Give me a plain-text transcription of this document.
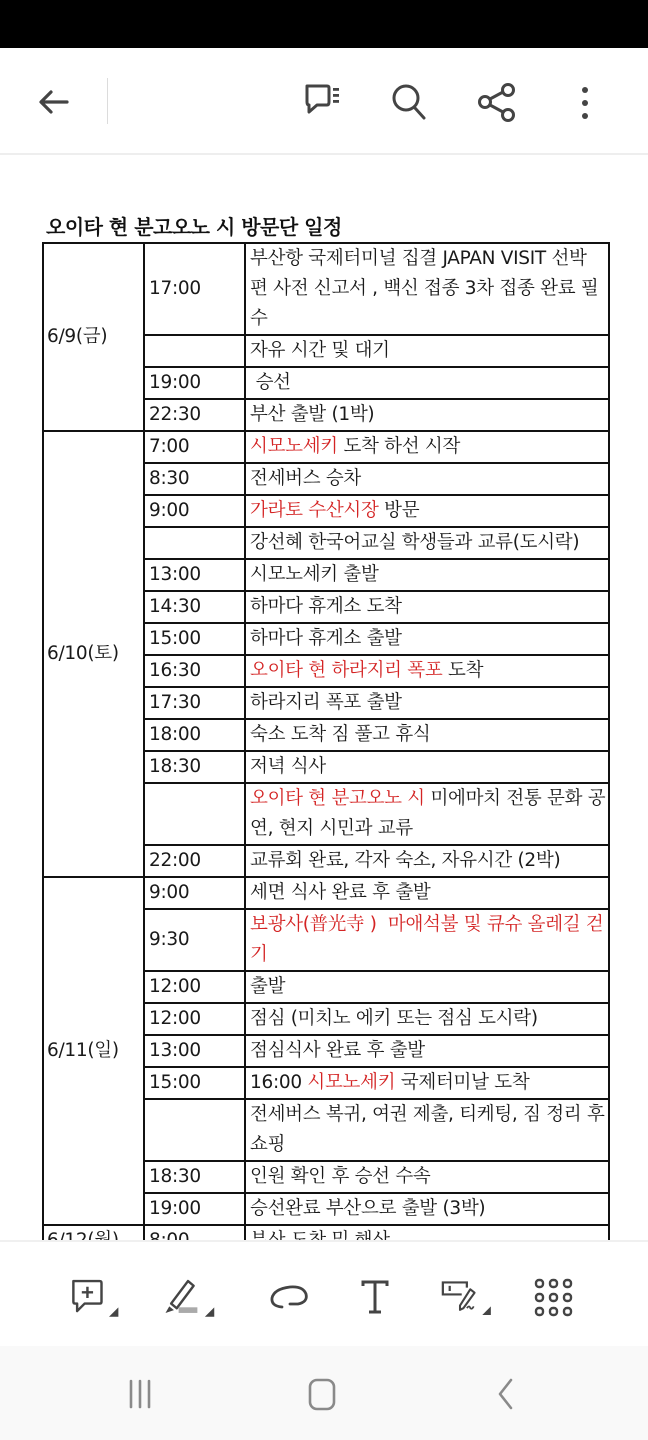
오이타 현 분고오노 시 방문단 일정
6/9(금)	17:00	부산항 국제터미널 집결 JAPAN VISIT 선박 편 사전 신고서 , 백신 접종 3차 접종 완료 필수
		자유 시간 및 대기
	19:00	승선
	22:30	부산 출발 (1박)
6/10(토)	7:00	시모노세키 도착 하선 시작
	8:30	전세버스 승차
	9:00	가라토 수산시장 방문
		강선혜 한국어교실 학생들과 교류(도시락)
	13:00	시모노세키 출발
	14:30	하마다 휴게소 도착
	15:00	하마다 휴게소 출발
	16:30	오이타 현 하라지리 폭포 도착
	17:30	하라지리 폭포 출발
	18:00	숙소 도착 짐 풀고 휴식
	18:30	저녁 식사
		오이타 현 분고오노 시 미에마치 전통 문화 공연, 현지 시민과 교류
	22:00	교류회 완료, 각자 숙소, 자유시간 (2박)
6/11(일)	9:00	세면 식사 완료 후 출발
	9:30	보광사(普光寺 )  마애석불 및 큐슈 올레길 걷기
	12:00	출발
	12:00	점심 (미치노 에키 또는 점심 도시락)
	13:00	점심식사 완료 후 출발
	15:00	16:00 시모노세키 국제터미날 도착
		전세버스 복귀, 여권 제출, 티케팅, 짐 정리 후 쇼핑
	18:30	인원 확인 후 승선 수속
	19:00	승선완료 부산으로 출발 (3박)
